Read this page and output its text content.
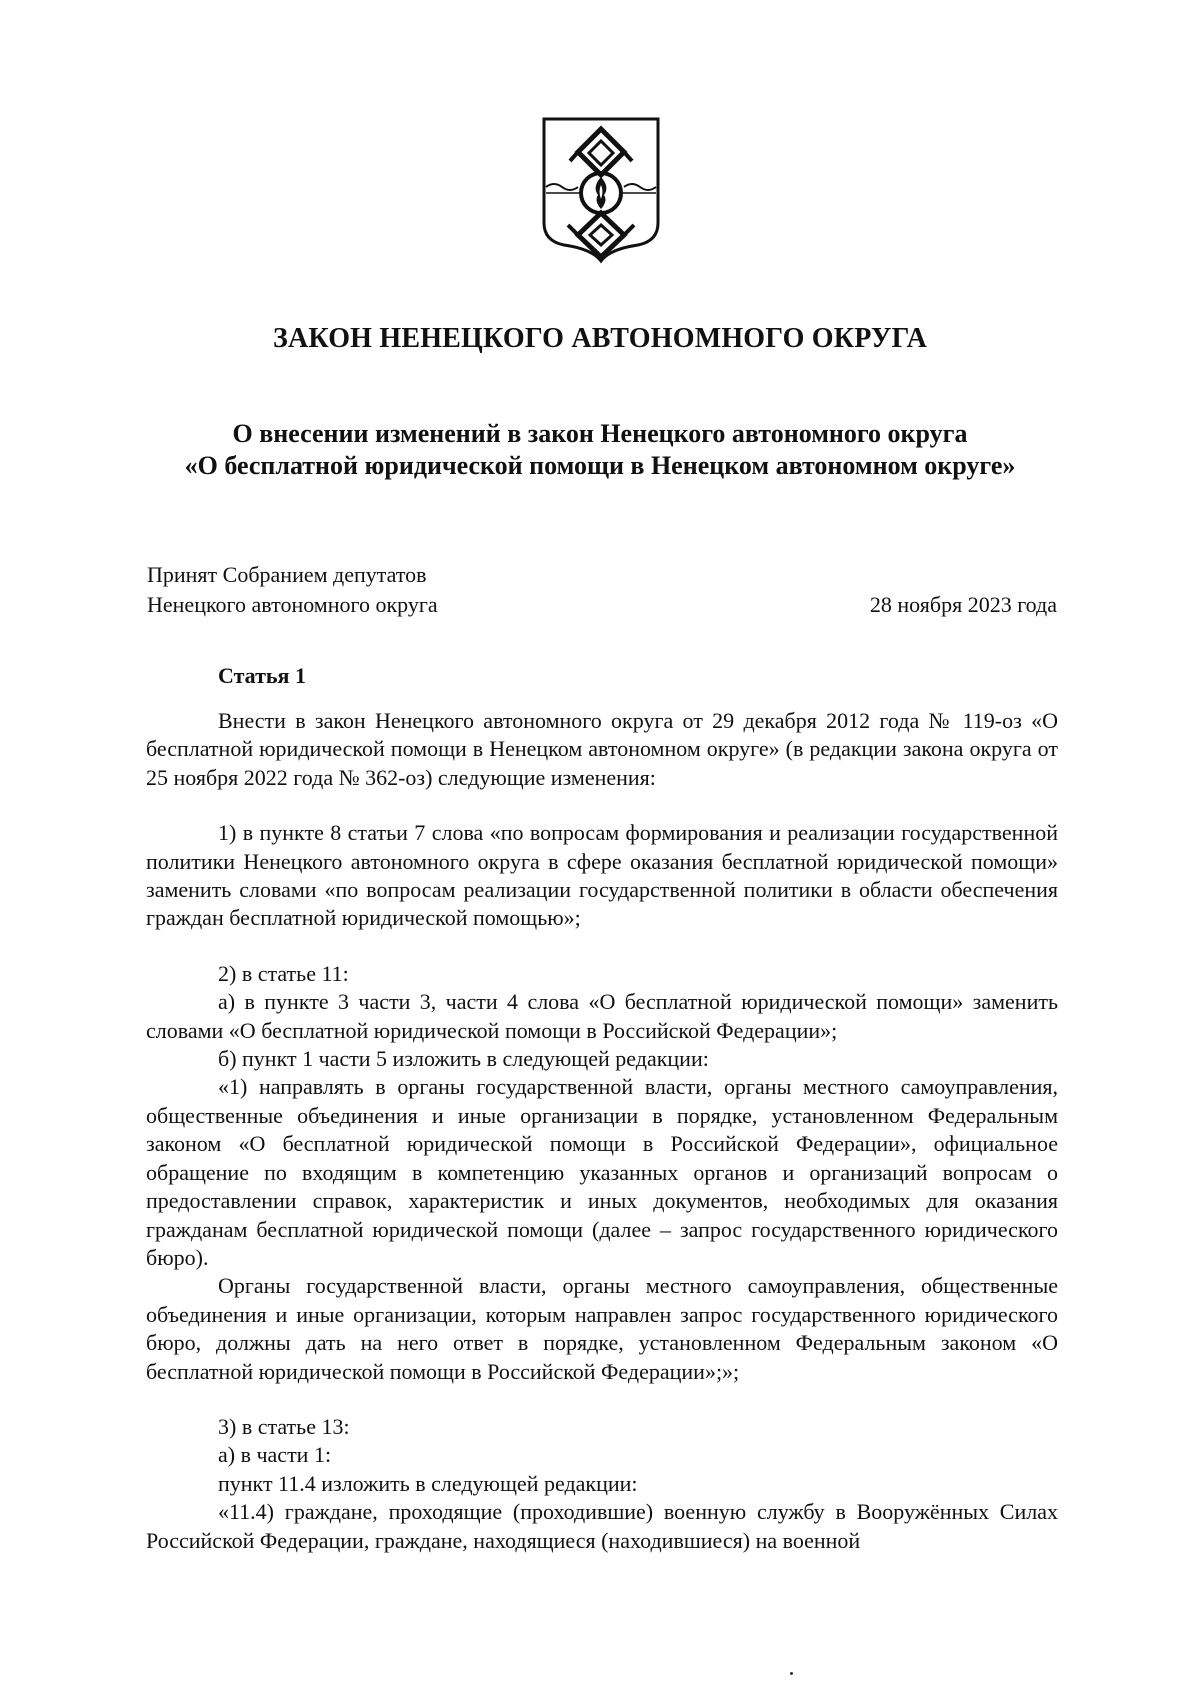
ЗАКОН НЕНЕЦКОГО АВТОНОМНОГО ОКРУГА
О внесении изменений в закон Ненецкого автономного округа
«О бесплатной юридической помощи в Ненецком автономном округе»
Принят Собранием депутатов
Ненецкого автономного округа	28 ноября 2023 года
Статья 1

Внести в закон Ненецкого автономного округа от 29 декабря 2012 года № 119-оз «О бесплатной юридической помощи в Ненецком автономном округе» (в редакции закона округа от 25 ноября 2022 года № 362-оз) следующие изменения:

1) в пункте 8 статьи 7 слова «по вопросам формирования и реализации государственной политики Ненецкого автономного округа в сфере оказания бесплатной юридической помощи» заменить словами «по вопросам реализации государственной политики в области обеспечения граждан бесплатной юридической помощью»;

2) в статье 11:

а) в пункте 3 части 3, части 4 слова «О бесплатной юридической помощи» заменить словами «О бесплатной юридической помощи в Российской Федерации»;

б) пункт 1 части 5 изложить в следующей редакции:

«1) направлять в органы государственной власти, органы местного самоуправления, общественные объединения и иные организации в порядке, установленном Федеральным законом «О бесплатной юридической помощи в Российской Федерации», официальное обращение по входящим в компетенцию указанных органов и организаций вопросам о предоставлении справок, характеристик и иных документов, необходимых для оказания гражданам бесплатной юридической помощи (далее – запрос государственного юридического бюро).

Органы государственной власти, органы местного самоуправления, общественные объединения и иные организации, которым направлен запрос государственного юридического бюро, должны дать на него ответ в порядке, установленном Федеральным законом «О бесплатной юридической помощи в Российской Федерации»;»;

3) в статье 13:

а) в части 1:

пункт 11.4 изложить в следующей редакции:

«11.4) граждане, проходящие (проходившие) военную службу в Вооружённых Силах Российской Федерации, граждане, находящиеся (находившиеся) на военной
